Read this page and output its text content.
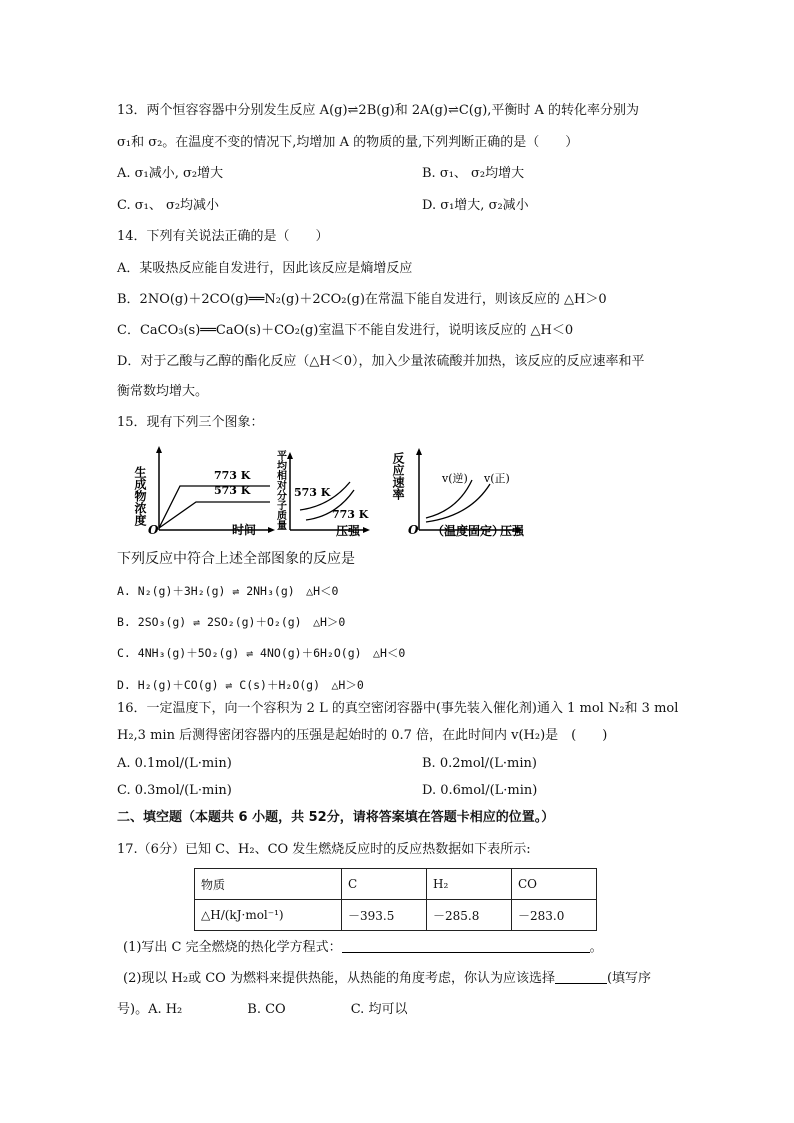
13．两个恒容容器中分别发生反应 A(g)⇌2B(g)和 2A(g)⇌C(g),平衡时 A 的转化率分别为
σ₁和 σ₂。在温度不变的情况下,均增加 A 的物质的量,下列判断正确的是（　　）
A. σ₁减小, σ₂增大	B. σ₁、 σ₂均增大
C. σ₁、 σ₂均减小	D. σ₁增大, σ₂减小
14．下列有关说法正确的是（　　）
A．某吸热反应能自发进行，因此该反应是熵增反应
B．2NO(g)＋2CO(g)══N₂(g)＋2CO₂(g)在常温下能自发进行，则该反应的 △H＞0
C．CaCO₃(s)══CaO(s)＋CO₂(g)室温下不能自发进行，说明该反应的 △H＜0
D．对于乙酸与乙醇的酯化反应（△H＜0），加入少量浓硫酸并加热，该反应的反应速率和平
衡常数均增大。
15．现有下列三个图象：
生成物浓度
O	时间
773 K
573 K 平均相对分子质量
压强
573 K
773 K
反应速率
O （温度固定）
压强
v(逆) v(正)
下列反应中符合上述全部图象的反应是
A. N₂(g)＋3H₂(g) ⇌ 2NH₃(g)　△H＜0
B. 2SO₃(g) ⇌ 2SO₂(g)＋O₂(g)　△H＞0
C. 4NH₃(g)＋5O₂(g) ⇌ 4NO(g)＋6H₂O(g)　△H＜0
D. H₂(g)＋CO(g) ⇌ C(s)＋H₂O(g)　△H＞0
16．一定温度下，向一个容积为 2 L 的真空密闭容器中(事先装入催化剂)通入 1 mol N₂和 3 mol
H₂,3 min 后测得密闭容器内的压强是起始时的 0.7 倍，在此时间内 v(H₂)是　(　　)
A. 0.1mol/(L·min)	B. 0.2mol/(L·min)
C. 0.3mol/(L·min)	D. 0.6mol/(L·min)
二、填空题（本题共 6 小题，共 52分，请将答案填在答题卡相应的位置。）
17.（6分）已知 C、H₂、CO 发生燃烧反应时的反应热数据如下表所示:
物质	C	H₂	CO
△H/(kJ·mol⁻¹)	－393.5	－285.8	－283.0
(1)写出 C 完全燃烧的热化学方程式：	。
(2)现以 H₂或 CO 为燃料来提供热能，从热能的角度考虑，你认为应该选择	(填写序
号)。A. H₂　　　　　B. CO　　　　　C. 均可以
